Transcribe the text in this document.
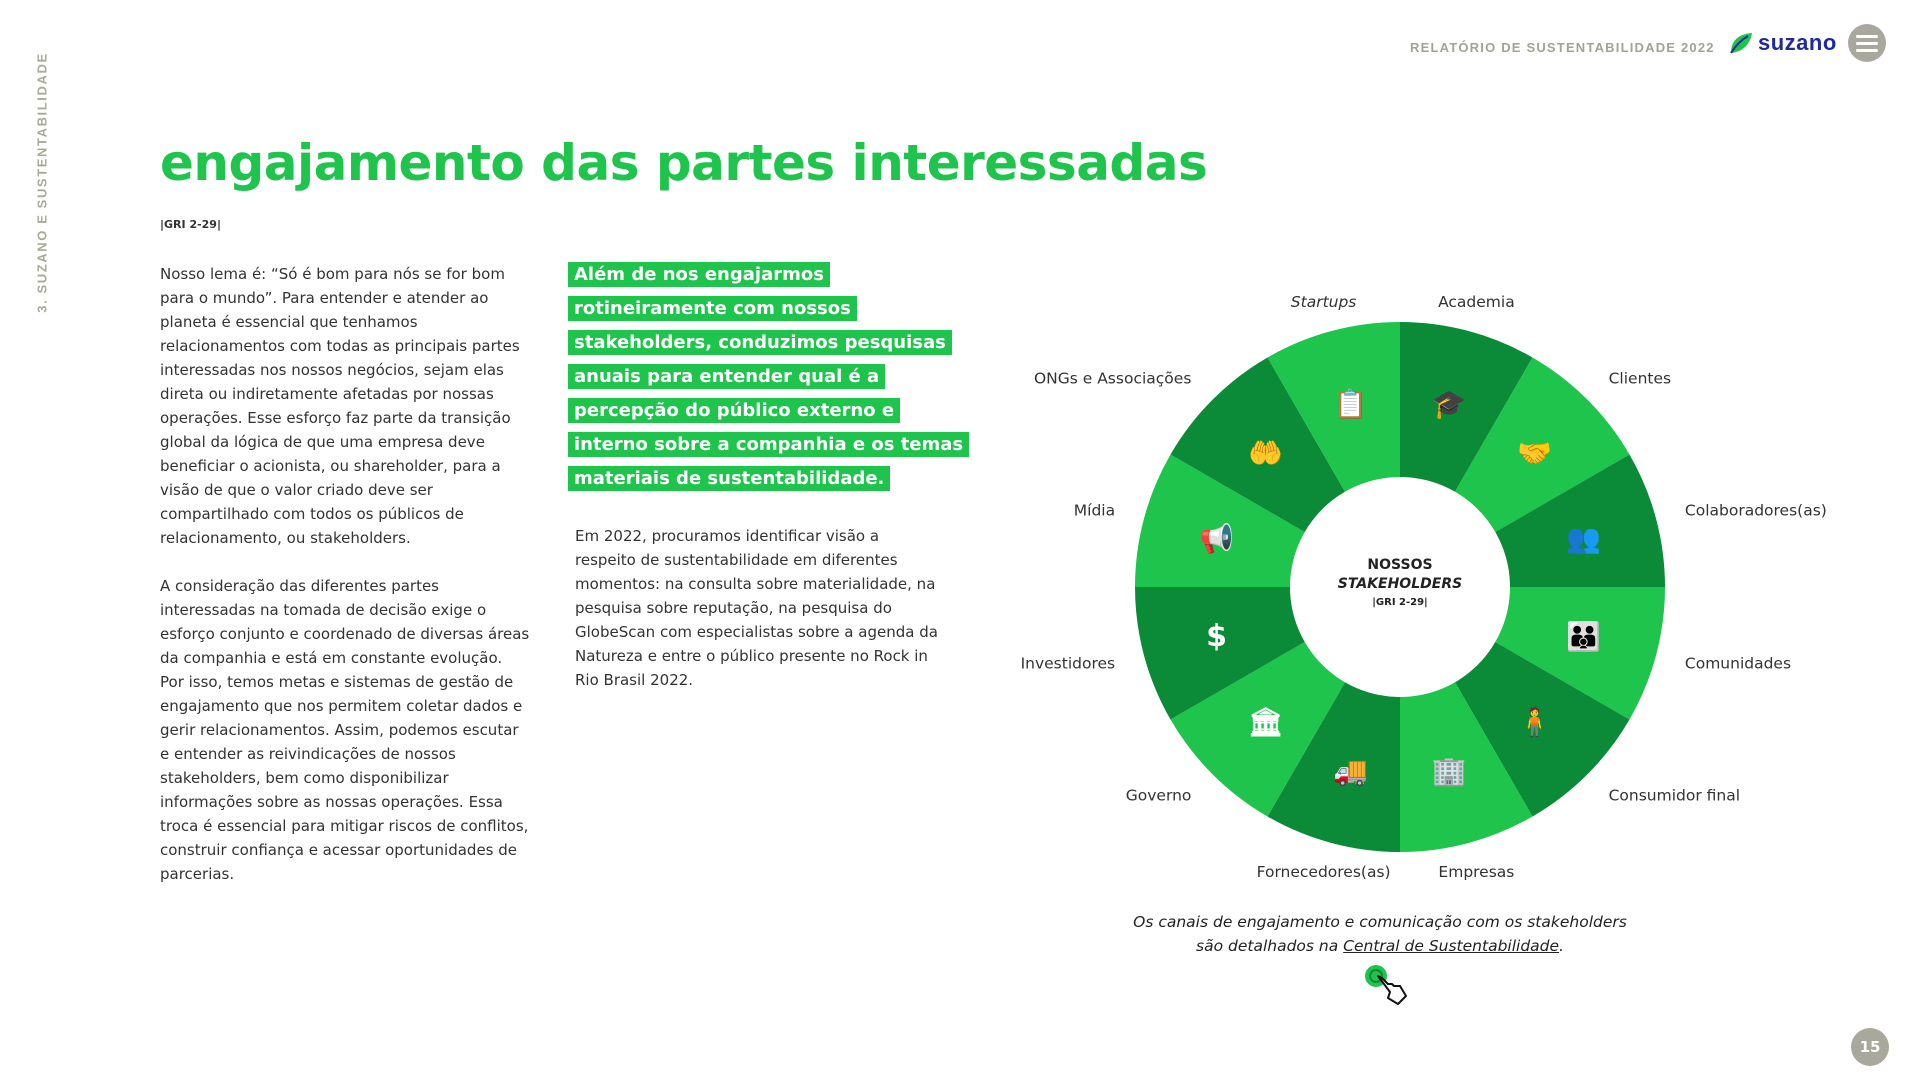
3. SUZANO E SUSTENTABILIDADE
RELATÓRIO DE SUSTENTABILIDADE 2022 suzano
engajamento das partes interessadas
|GRI 2-29|

Nosso lema é: “Só é bom para nós se for bom para o mundo”. Para entender e atender ao planeta é essencial que tenhamos relacionamentos com todas as principais partes interessadas nos nossos negócios, sejam elas direta ou indiretamente afetadas por nossas operações. Esse esforço faz parte da transição global da lógica de que uma empresa deve beneficiar o acionista, ou shareholder, para a visão de que o valor criado deve ser compartilhado com todos os públicos de relacionamento, ou stakeholders.

A consideração das diferentes partes interessadas na tomada de decisão exige o esforço conjunto e coordenado de diversas áreas da companhia e está em constante evolução. Por isso, temos metas e sistemas de gestão de engajamento que nos permitem coletar dados e gerir relacionamentos. Assim, podemos escutar e entender as reivindicações de nossos stakeholders, bem como disponibilizar informações sobre as nossas operações. Essa troca é essencial para mitigar riscos de conflitos, construir confiança e acessar oportunidades de parcerias.

Além de nos engajarmos rotineiramente com nossos stakeholders, conduzimos pesquisas anuais para entender qual é a percepção do público externo e interno sobre a companhia e os temas materiais de sustentabilidade.

Em 2022, procuramos identificar visão a respeito de sustentabilidade em diferentes momentos: na consulta sobre materialidade, na pesquisa sobre reputação, na pesquisa do GlobeScan com especialistas sobre a agenda da Natureza e entre o público presente no Rock in Rio Brasil 2022.

NOSSOS
STAKEHOLDERS
|GRI 2-29|
🎓
🤝
👥
👪
🧍
🏢
🚚
🏛
$
📢
🤲
📋
Academia
Clientes
Colaboradores(as)
Comunidades
Consumidor final
Empresas
Fornecedores(as)
Governo
Investidores
Mídia
ONGs e Associações
Startups
Os canais de engajamento e comunicação com os stakeholders
são detalhados na Central de Sustentabilidade.
15
